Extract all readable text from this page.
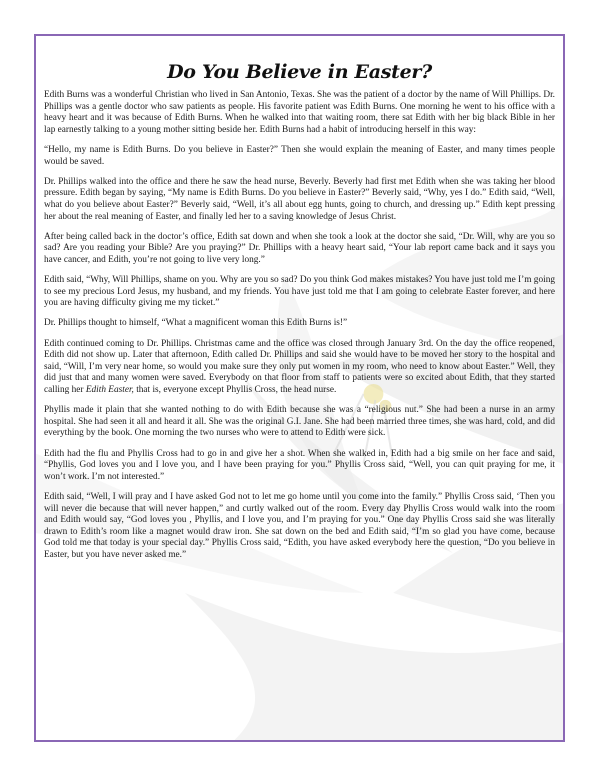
Do You Believe in Easter?

Edith Burns was a wonderful Christian who lived in San Antonio, Texas. She was the patient of a doctor by the name of Will Phillips. Dr. Phillips was a gentle doctor who saw patients as people. His favorite patient was Edith Burns. One morning he went to his office with a heavy heart and it was because of Edith Burns. When he walked into that waiting room, there sat Edith with her big black Bible in her lap earnestly talking to a young mother sitting beside her. Edith Burns had a habit of introducing herself in this way:

“Hello, my name is Edith Burns. Do you believe in Easter?” Then she would explain the meaning of Easter, and many times people would be saved.

Dr. Phillips walked into the office and there he saw the head nurse, Beverly. Beverly had first met Edith when she was taking her blood pressure. Edith began by saying, “My name is Edith Burns. Do you believe in Easter?” Beverly said, “Why, yes I do.” Edith said, “Well, what do you believe about Easter?” Beverly said, “Well, it’s all about egg hunts, going to church, and dressing up.” Edith kept pressing her about the real meaning of Easter, and finally led her to a saving knowledge of Jesus Christ.

After being called back in the doctor’s office, Edith sat down and when she took a look at the doctor she said, “Dr. Will, why are you so sad? Are you reading your Bible? Are you praying?” Dr. Phillips with a heavy heart said, “Your lab report came back and it says you have cancer, and Edith, you’re not going to live very long.”

Edith said, “Why, Will Phillips, shame on you. Why are you so sad? Do you think God makes mistakes? You have just told me I’m going to see my precious Lord Jesus, my husband, and my friends. You have just told me that I am going to celebrate Easter forever, and here you are having difficulty giving me my ticket.”

Dr. Phillips thought to himself, “What a magnificent woman this Edith Burns is!”

Edith continued coming to Dr. Phillips. Christmas came and the office was closed through January 3rd. On the day the office reopened, Edith did not show up. Later that afternoon, Edith called Dr. Phillips and said she would have to be moved her story to the hospital and said, “Will, I’m very near home, so would you make sure they only put women in my room, who need to know about Easter.” Well, they did just that and many women were saved. Everybody on that floor from staff to patients were so excited about Edith, that they started calling her Edith Easter, that is, everyone except Phyllis Cross, the head nurse.

Phyllis made it plain that she wanted nothing to do with Edith because she was a “religious nut.” She had been a nurse in an army hospital. She had seen it all and heard it all. She was the original G.I. Jane. She had been married three times, she was hard, cold, and did everything by the book. One morning the two nurses who were to attend to Edith were sick.

Edith had the flu and Phyllis Cross had to go in and give her a shot. When she walked in, Edith had a big smile on her face and said, “Phyllis, God loves you and I love you, and I have been praying for you.” Phyllis Cross said, “Well, you can quit praying for me, it won’t work. I’m not interested.”

Edith said, “Well, I will pray and I have asked God not to let me go home until you come into the family.” Phyllis Cross said, ‘Then you will never die because that will never happen,” and curtly walked out of the room. Every day Phyllis Cross would walk into the room and Edith would say, “God loves you , Phyllis, and I love you, and I’m praying for you.” One day Phyllis Cross said she was literally drawn to Edith’s room like a magnet would draw iron. She sat down on the bed and Edith said, “I’m so glad you have come, because God told me that today is your special day.” Phyllis Cross said, “Edith, you have asked everybody here the question, “Do you believe in Easter, but you have never asked me.”
